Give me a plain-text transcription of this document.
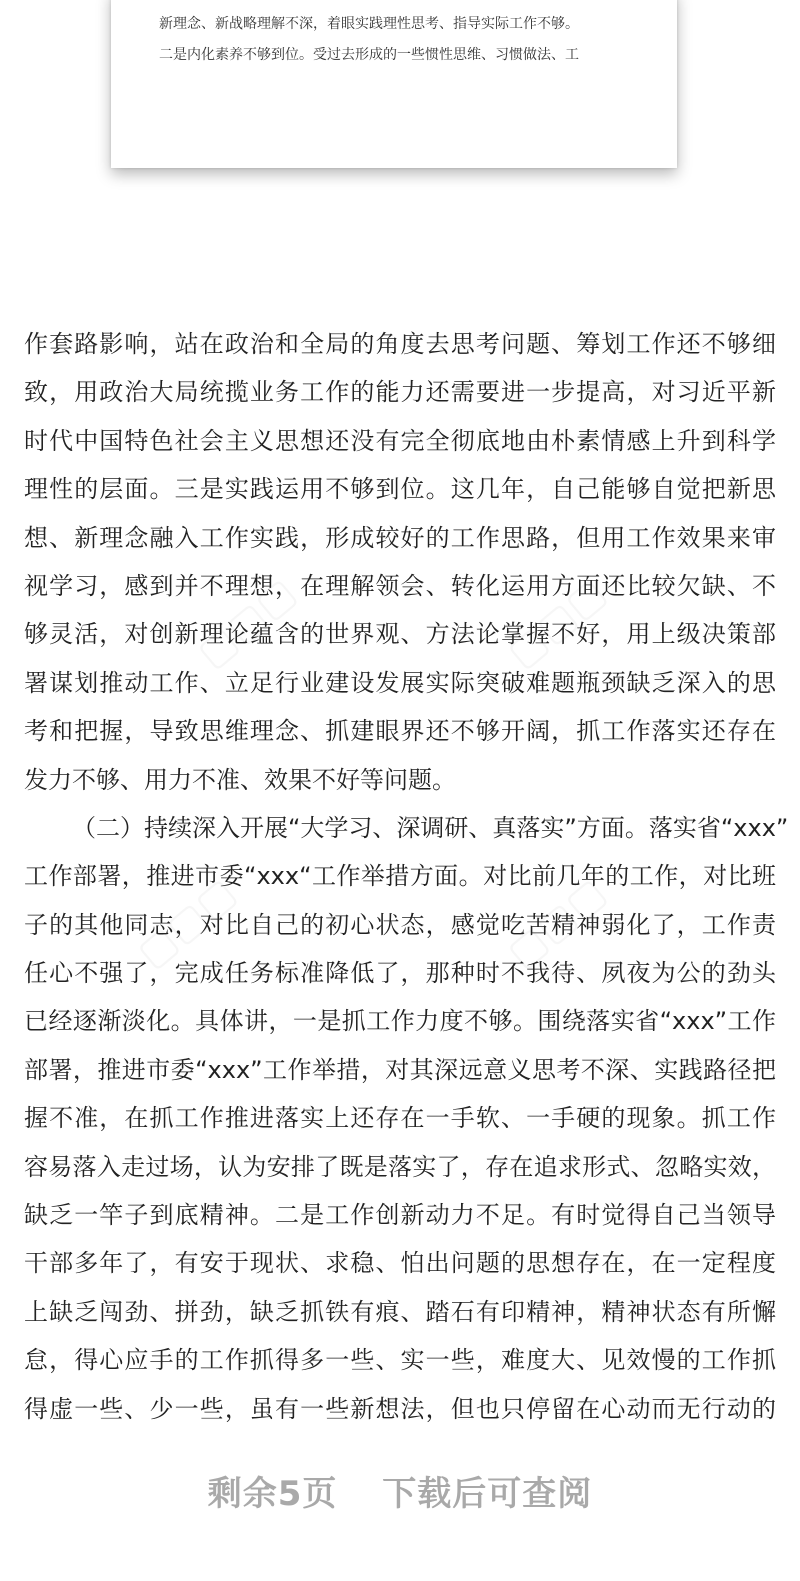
新理念、新战略理解不深，着眼实践理性思考、指导实际工作不够。
二是内化素养不够到位。受过去形成的一些惯性思维、习惯做法、工
作套路影响，站在政治和全局的角度去思考问题、筹划工作还不够细
致，用政治大局统揽业务工作的能力还需要进一步提高，对习近平新
时代中国特色社会主义思想还没有完全彻底地由朴素情感上升到科学
理性的层面。三是实践运用不够到位。这几年，自己能够自觉把新思
想、新理念融入工作实践，形成较好的工作思路，但用工作效果来审
视学习，感到并不理想，在理解领会、转化运用方面还比较欠缺、不
够灵活，对创新理论蕴含的世界观、方法论掌握不好，用上级决策部
署谋划推动工作、立足行业建设发展实际突破难题瓶颈缺乏深入的思
考和把握，导致思维理念、抓建眼界还不够开阔，抓工作落实还存在
发力不够、用力不准、效果不好等问题。
（二）持续深入开展“大学习、深调研、真落实”方面。落实省“xxx”
工作部署，推进市委“xxx“工作举措方面。对比前几年的工作，对比班
子的其他同志，对比自己的初心状态，感觉吃苦精神弱化了，工作责
任心不强了，完成任务标准降低了，那种时不我待、夙夜为公的劲头
已经逐渐淡化。具体讲，一是抓工作力度不够。围绕落实省“xxx”工作
部署，推进市委“xxx”工作举措，对其深远意义思考不深、实践路径把
握不准，在抓工作推进落实上还存在一手软、一手硬的现象。抓工作
容易落入走过场，认为安排了既是落实了，存在追求形式、忽略实效，
缺乏一竿子到底精神。二是工作创新动力不足。有时觉得自己当领导
干部多年了，有安于现状、求稳、怕出问题的思想存在，在一定程度
上缺乏闯劲、拼劲，缺乏抓铁有痕、踏石有印精神，精神状态有所懈
怠，得心应手的工作抓得多一些、实一些，难度大、见效慢的工作抓
得虚一些、少一些，虽有一些新想法，但也只停留在心动而无行动的
剩余5页 下载后可查阅
